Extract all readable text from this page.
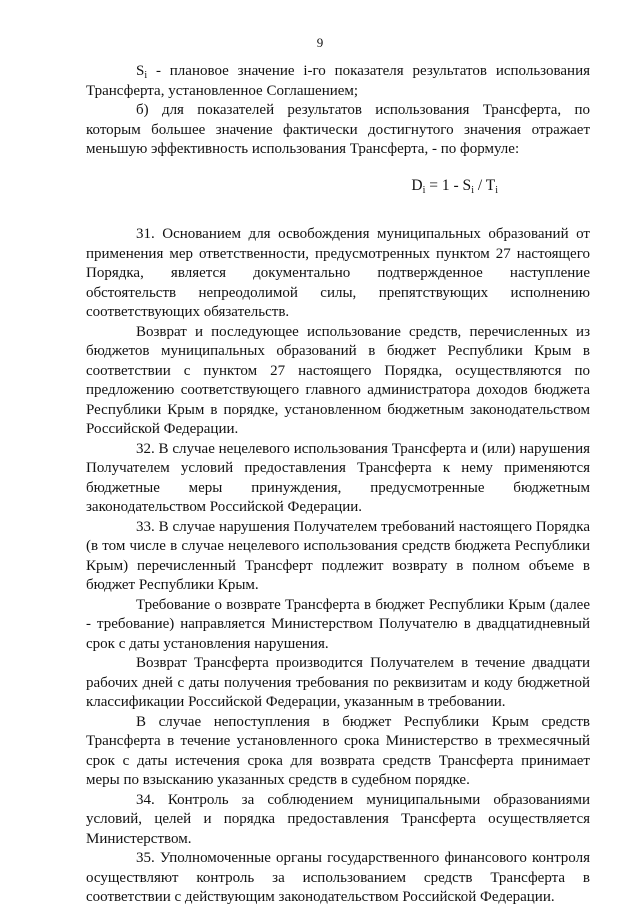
9

$S_i$ - плановое значение i-го показателя результатов использования Трансферта, установленное Соглашением;

б) для показателей результатов использования Трансферта, по которым большее значение фактически достигнутого значения отражает меньшую эффективность использования Трансферта, - по формуле:

$D_i = 1 - S_i / T_i$

31. Основанием для освобождения муниципальных образований от применения мер ответственности, предусмотренных пунктом 27 настоящего Порядка, является документально подтвержденное наступление обстоятельств непреодолимой силы, препятствующих исполнению соответствующих обязательств.

Возврат и последующее использование средств, перечисленных из бюджетов муниципальных образований в бюджет Республики Крым в соответствии с пунктом 27 настоящего Порядка, осуществляются по предложению соответствующего главного администратора доходов бюджета Республики Крым в порядке, установленном бюджетным законодательством Российской Федерации.

32. В случае нецелевого использования Трансферта и (или) нарушения Получателем условий предоставления Трансферта к нему применяются бюджетные меры принуждения, предусмотренные бюджетным законодательством Российской Федерации.

33. В случае нарушения Получателем требований настоящего Порядка (в том числе в случае нецелевого использования средств бюджета Республики Крым) перечисленный Трансферт подлежит возврату в полном объеме в бюджет Республики Крым.

Требование о возврате Трансферта в бюджет Республики Крым (далее - требование) направляется Министерством Получателю в двадцатидневный срок с даты установления нарушения.

Возврат Трансферта производится Получателем в течение двадцати рабочих дней с даты получения требования по реквизитам и коду бюджетной классификации Российской Федерации, указанным в требовании.

В случае непоступления в бюджет Республики Крым средств Трансферта в течение установленного срока Министерство в трехмесячный срок с даты истечения срока для возврата средств Трансферта принимает меры по взысканию указанных средств в судебном порядке.

34. Контроль за соблюдением муниципальными образованиями условий, целей и порядка предоставления Трансферта осуществляется Министерством.

35. Уполномоченные органы государственного финансового контроля осуществляют контроль за использованием средств Трансферта в соответствии с действующим законодательством Российской Федерации.
